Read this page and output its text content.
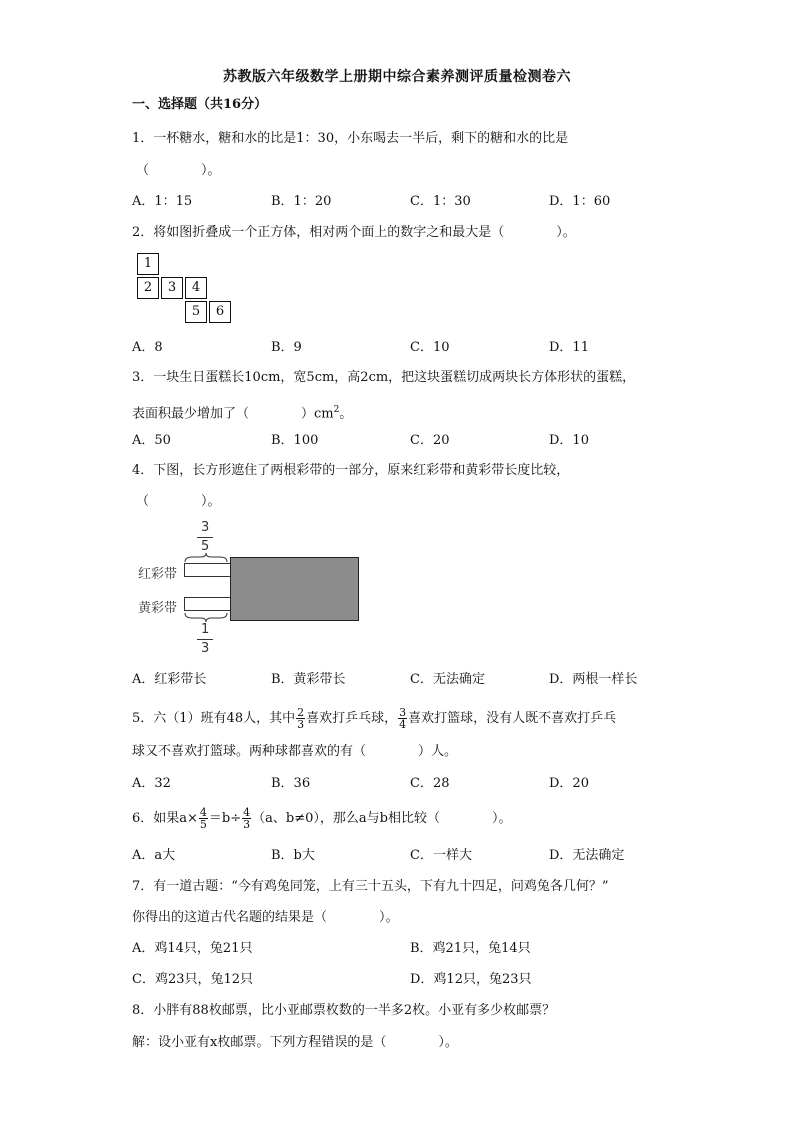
苏教版六年级数学上册期中综合素养测评质量检测卷六
一、选择题（共16分）
1．一杯糖水，糖和水的比是1：30，小东喝去一半后，剩下的糖和水的比是
（　　　　）。
A．1：15	B．1：20	C．1：30	D．1：60
2．将如图折叠成一个正方体，相对两个面上的数字之和最大是（　　　　）。
1
2	3	4
5	6
A．8	B．9	C．10	D．11
3．一块生日蛋糕长10cm，宽5cm，高2cm，把这块蛋糕切成两块长方体形状的蛋糕，
表面积最少增加了（　　　　）$cm^2$。
A．50	B．100	C．20	D．10
4．下图，长方形遮住了两根彩带的一部分，原来红彩带和黄彩带长度比较，
（　　　　）。
3
5
红彩带
黄彩带
1
3
A．红彩带长	B．黄彩带长	C．无法确定	D．两根一样长
5．六（1）班有48人，其中 $\frac{2}{3}$ 喜欢打乒乓球， $\frac{3}{4}$ 喜欢打篮球，没有人既不喜欢打乒乓
球又不喜欢打篮球。两种球都喜欢的有（　　　　）人。
A．32	B．36	C．28	D．20
6．如果$a\times \frac{4}{5} =b\div \frac{4}{3} (a$、b≠0），那么a与b相比较（　　　　）。
A．a大	B．b大	C．一样大	D．无法确定
7．有一道古题：“今有鸡兔同笼，上有三十五头，下有九十四足，问鸡兔各几何？”
你得出的这道古代名题的结果是（　　　　）。
A．鸡14只，兔21只	B．鸡21只，兔14只
C．鸡23只，兔12只	D．鸡12只，兔23只
8．小胖有88枚邮票，比小亚邮票枚数的一半多2枚。小亚有多少枚邮票？
解：设小亚有x枚邮票。下列方程错误的是（　　　　）。
